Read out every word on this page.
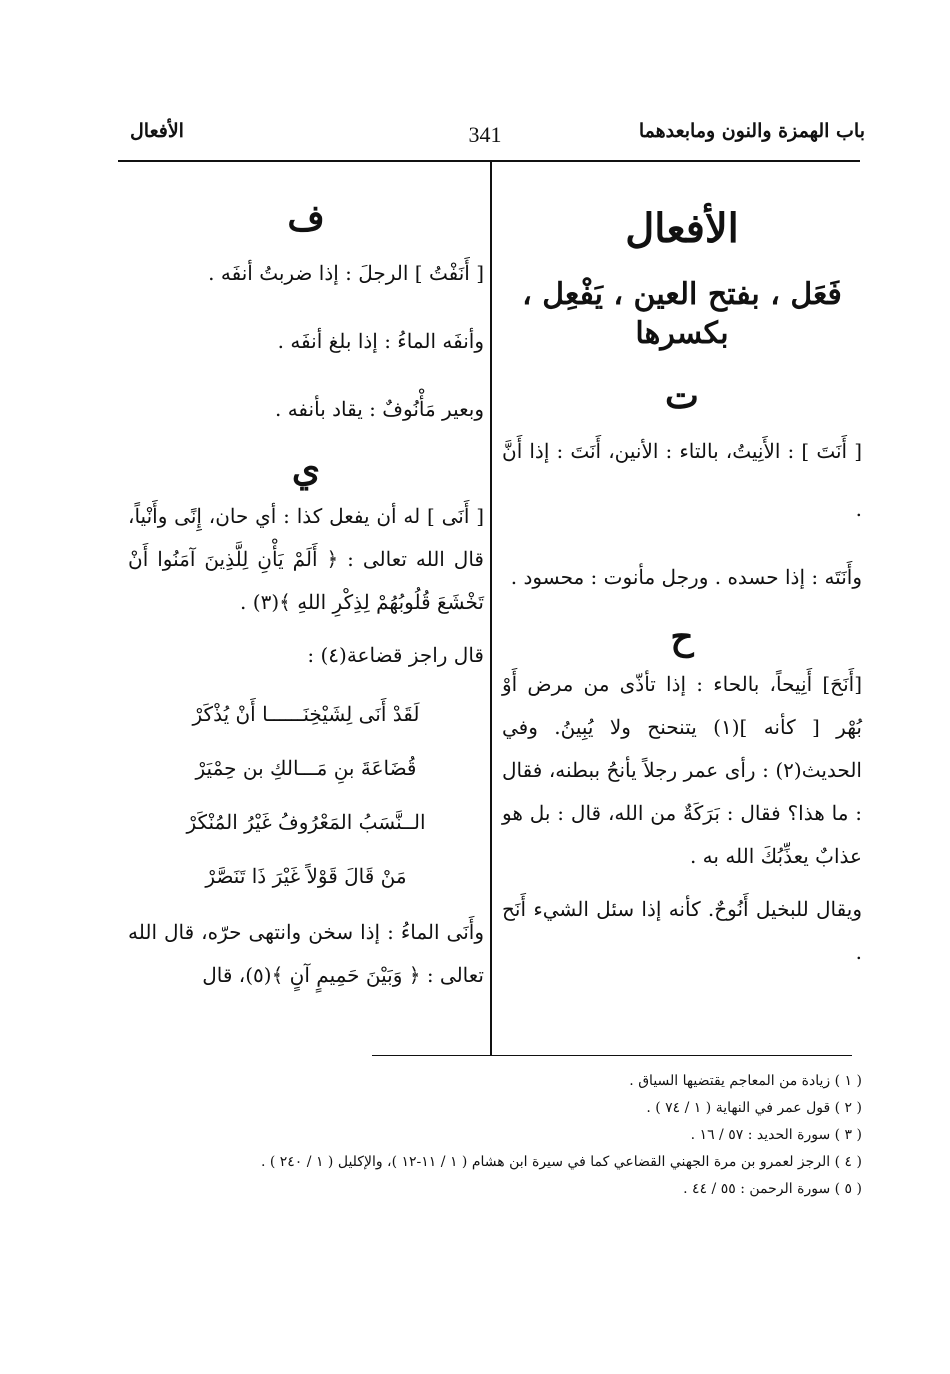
باب الهمزة والنون ومابعدهما
341
الأفعال
الأفعال
فَعَل ، بفتح العين ، يَفْعِل ، بكسرها
ت

[ أَنَتَ ] : الأَنِيتُ، بالتاء : الأنين، أَنَتَ : إذا أَنَّ .

وأَنَتَه : إذا حسده . ورجل مأنوت : محسود .

ح

[أَنَحَ] أَنِيحاً، بالحاء : إذا تأذّى من مرض أَوْ بُهْر [ كأنه ](١) يتنحنح ولا يُبِينُ. وفي الحديث(٢) : رأى عمر رجلاً يأنحُ ببطنه، فقال : ما هذا؟ فقال : بَرَكَةٌ من الله، قال : بل هو عذابٌ يعذِّبُكَ الله به .

ويقال للبخيل أَنُوحٌ. كأنه إذا سئل الشيء أَنَح .

ف

[ أَنَفْتُ ] الرجلَ : إذا ضربتُ أنفَه .

وأنفَه الماءُ : إذا بلغ أنفَه .

وبعير مَأْنُوفٌ : يقاد بأنفه .

ي

[ أَنَى ] له أن يفعل كذا : أي حان، إِنًى وأَنْياً، قال الله تعالى : ﴿ أَلَمْ يَأْنِ لِلَّذِينَ آمَنُوا أَنْ تَخْشَعَ قُلُوبُهُمْ لِذِكْرِ اللهِ ﴾(٣) .

قال راجز قضاعة(٤) :

لَقَدْ أَنَى لِشَيْخِنَــــــا أَنْ يُذْكَرْ

قُضَاعَةَ بنِ مَـــالكِ بن حِمْيَرْ

الــنَّسَبُ المَعْرُوفُ غَيْرُ المُنْكَرْ

مَنْ قَالَ قَوْلاً غَيْرَ ذَا تَنَصَّرْ

وأَنَى الماءُ : إذا سخن وانتهى حرّه، قال الله تعالى : ﴿ وَبَيْنَ حَمِيمٍ آنٍ ﴾(٥)، قال

( ١ ) زيادة من المعاجم يقتضيها السياق .

( ٢ ) قول عمر في النهاية ( ١ / ٧٤ ) .

( ٣ ) سورة الحديد : ٥٧ / ١٦ .

( ٤ ) الرجز لعمرو بن مرة الجهني القضاعي كما في سيرة ابن هشام ( ١ / ١١-١٢ )، والإكليل ( ١ / ٢٤٠ ) .

( ٥ ) سورة الرحمن : ٥٥ / ٤٤ .
